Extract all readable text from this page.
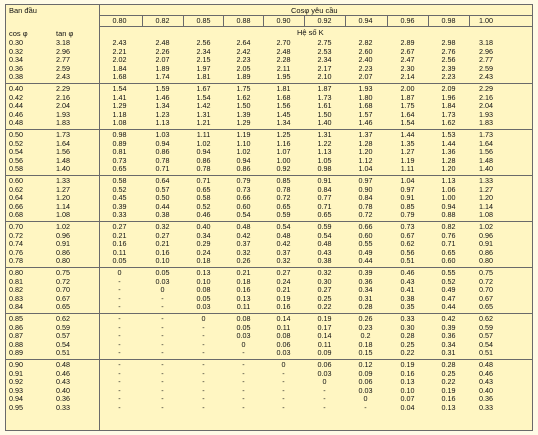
Ban đầu	Cosφ yêu cầu
Hệ số K
cos φ	tan φ
0.80	0.82	0.85	0.88	0.90	0.92	0.94	0.96	0.98	1.00
0.30	3.18	2.43	2.48	2.56	2.64	2.70	2.75	2.82	2.89	2.98	3.18
0.32	2.96	2.21	2.26	2.34	2.42	2.48	2.53	2.60	2.67	2.76	2.96
0.34	2.77	2.02	2.07	2.15	2.23	2.28	2.34	2.40	2.47	2.56	2.77
0.36	2.59	1.84	1.89	1.97	2.05	2.11	2.17	2.23	2.30	2.39	2.59
0.38	2.43	1.68	1.74	1.81	1.89	1.95	2.10	2.07	2.14	2.23	2.43
0.40	2.29	1.54	1.59	1.67	1.75	1.81	1.87	1.93	2.00	2.09	2.29
0.42	2.16	1.41	1.46	1.54	1.62	1.68	1.73	1.80	1.87	1.96	2.16
0.44	2.04	1.29	1.34	1.42	1.50	1.56	1.61	1.68	1.75	1.84	2.04
0.46	1.93	1.18	1.23	1.31	1.39	1.45	1.50	1.57	1.64	1.73	1.93
0.48	1.83	1.08	1.13	1.21	1.29	1.34	1.40	1.46	1.54	1.62	1.83
0.50	1.73	0.98	1.03	1.11	1.19	1.25	1.31	1.37	1.44	1.53	1.73
0.52	1.64	0.89	0.94	1.02	1.10	1.16	1.22	1.28	1.35	1.44	1.64
0.54	1.56	0.81	0.86	0.94	1.02	1.07	1.13	1.20	1.27	1.36	1.56
0.56	1.48	0.73	0.78	0.86	0.94	1.00	1.05	1.12	1.19	1.28	1.48
0.58	1.40	0.65	0.71	0.78	0.86	0.92	0.98	1.04	1.11	1.20	1.40
0.60	1.33	0.58	0.64	0.71	0.79	0.85	0.91	0.97	1.04	1.13	1.33
0.62	1.27	0.52	0.57	0.65	0.73	0.78	0.84	0.90	0.97	1.06	1.27
0.64	1.20	0.45	0.50	0.58	0.66	0.72	0.77	0.84	0.91	1.00	1.20
0.66	1.14	0.39	0.44	0.52	0.60	0.65	0.71	0.78	0.85	0.94	1.14
0.68	1.08	0.33	0.38	0.46	0.54	0.59	0.65	0.72	0.79	0.88	1.08
0.70	1.02	0.27	0.32	0.40	0.48	0.54	0.59	0.66	0.73	0.82	1.02
0.72	0.96	0.21	0.27	0.34	0.42	0.48	0.54	0.60	0.67	0.76	0.96
0.74	0.91	0.16	0.21	0.29	0.37	0.42	0.48	0.55	0.62	0.71	0.91
0.76	0.86	0.11	0.16	0.24	0.32	0.37	0.43	0.49	0.56	0.65	0.86
0.78	0.80	0.05	0.10	0.18	0.26	0.32	0.38	0.44	0.51	0.60	0.80
0.80	0.75	0	0.05	0.13	0.21	0.27	0.32	0.39	0.46	0.55	0.75
0.81	0.72	-	0.03	0.10	0.18	0.24	0.30	0.36	0.43	0.52	0.72
0.82	0.70	-	0	0.08	0.16	0.21	0.27	0.34	0.41	0.49	0.70
0.83	0.67	-	-	0.05	0.13	0.19	0.25	0.31	0.38	0.47	0.67
0.84	0.65	-	-	0.03	0.11	0.16	0.22	0.28	0.35	0.44	0.65
0.85	0.62	-	-	0	0.08	0.14	0.19	0.26	0.33	0.42	0.62
0.86	0.59	-	-	-	0.05	0.11	0.17	0.23	0.30	0.39	0.59
0.87	0.57	-	-	-	0.03	0.08	0.14	0.2	0.28	0.36	0.57
0.88	0.54	-	-	-	0	0.06	0.11	0.18	0.25	0.34	0.54
0.89	0.51	-	-	-	-	0.03	0.09	0.15	0.22	0.31	0.51
0.90	0.48	-	-	-	-	0	0.06	0.12	0.19	0.28	0.48
0.91	0.46	-	-	-	-	-	0.03	0.09	0.16	0.25	0.46
0.92	0.43	-	-	-	-	-	0	0.06	0.13	0.22	0.43
0.93	0.40	-	-	-	-	-	-	0.03	0.10	0.19	0.40
0.94	0.36	-	-	-	-	-	-	0	0.07	0.16	0.36
0.95	0.33	-	-	-	-	-	-	-	0.04	0.13	0.33
